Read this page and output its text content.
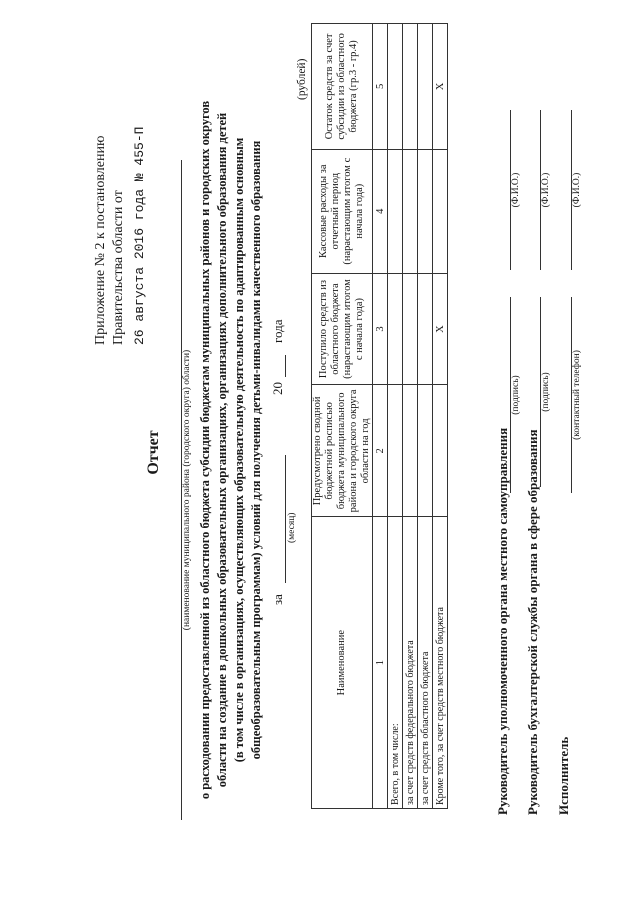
Приложение № 2 к постановлению Правительства области от 26 августа 2016 года № 455-П
Отчет (наименование муниципального района (городского округа) области) о расходовании предоставленной из областного бюджета субсидии бюджетам муниципальных районов и городских округов области на создание в дошкольных образовательных организациях, организациях дополнительного образования детей (в том числе в организациях, осуществляющих образовательную деятельность по адаптированным основным общеобразовательным программам) условий для получения детьми-инвалидами качественного образования за
20
года
(месяц)
(рублей)
Наименование	Предусмотрено сводной бюджетной росписью бюджета муниципального района и городского округа области на год	Поступило средств из областного бюджета (нарастающим итогом с начала года)	Кассовые расходы за отчетный период (нарастающим итогом с начала года)	Остаток средств за счет субсидии из областного бюджета (гр.3 - гр.4)
1	2	3	4	5
Всего, в том числе:				
за счет средств федерального бюджета				
за счет средств областного бюджета				
Кроме того, за счет средств местного бюджета		X		X
Руководитель уполномоченного органа местного самоуправления
(подпись)
(Ф.И.О.)
Руководитель бухгалтерской службы органа в сфере образования
(подпись)
(Ф.И.О.)
Исполнитель
(контактный телефон)
(Ф.И.О.)
